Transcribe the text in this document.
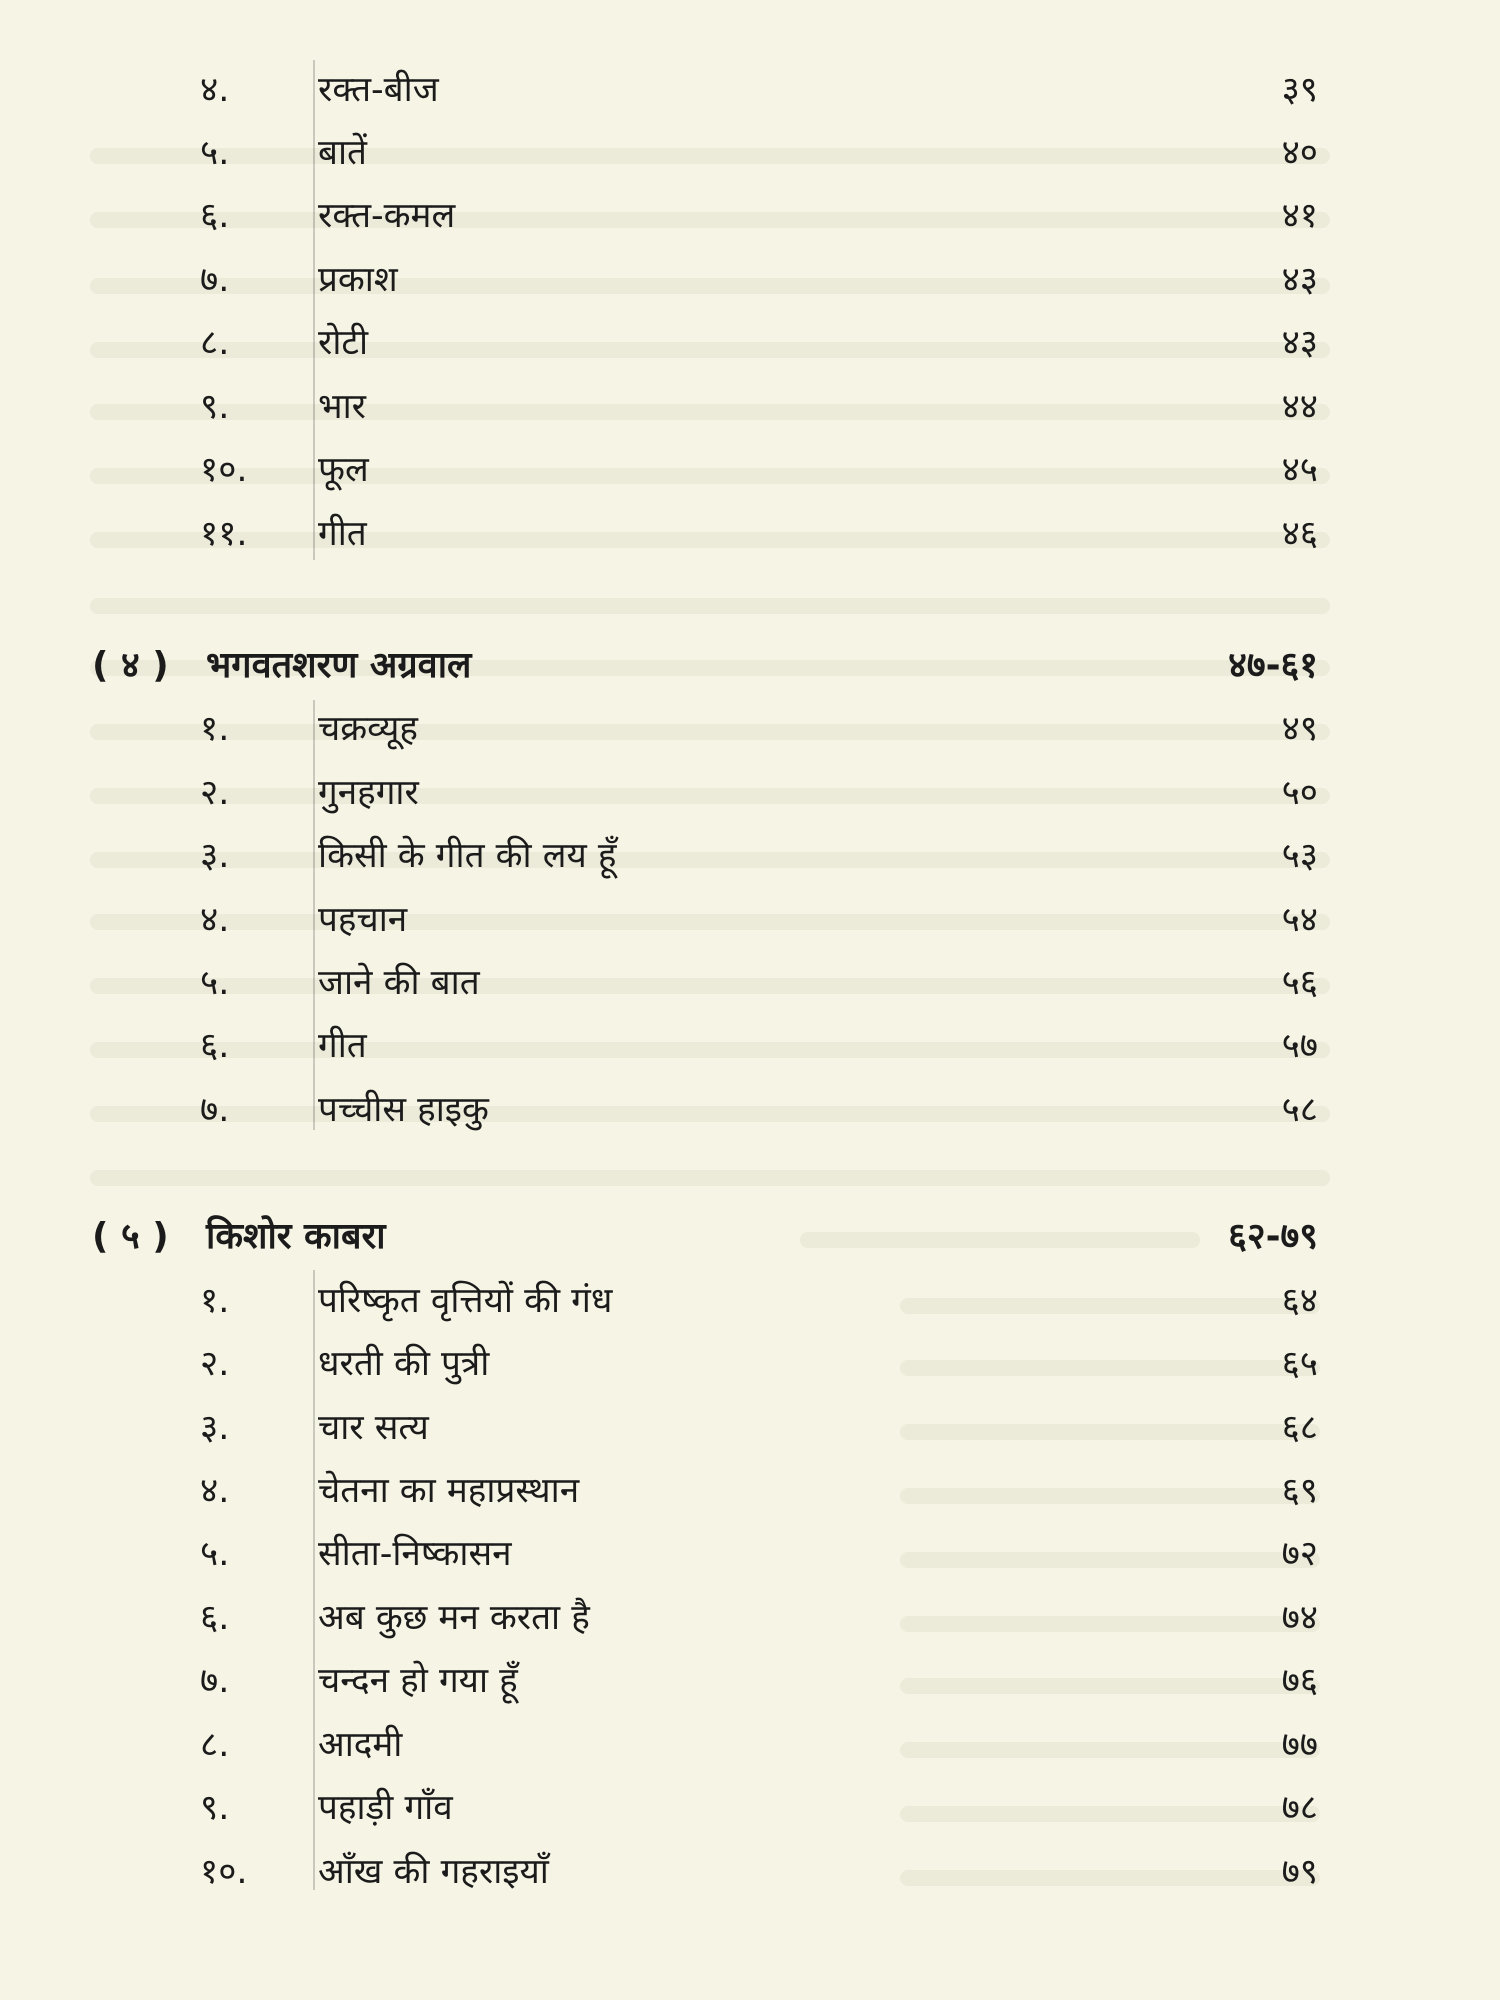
४.	रक्त-बीज	३९
५.	बातें	४०
६.	रक्त-कमल	४१
७.	प्रकाश	४३
८.	रोटी	४३
९.	भार	४४
१०.	फूल	४५
११.	गीत	४६
( ४ )	भगवतशरण अग्रवाल	४७-६१
१.	चक्रव्यूह	४९
२.	गुनहगार	५०
३.	किसी के गीत की लय हूँ	५३
४.	पहचान	५४
५.	जाने की बात	५६
६.	गीत	५७
७.	पच्चीस हाइकु	५८
( ५ )	किशोर काबरा	६२-७९
१.	परिष्कृत वृत्तियों की गंध	६४
२.	धरती की पुत्री	६५
३.	चार सत्य	६८
४.	चेतना का महाप्रस्थान	६९
५.	सीता-निष्कासन	७२
६.	अब कुछ मन करता है	७४
७.	चन्दन हो गया हूँ	७६
८.	आदमी	७७
९.	पहाड़ी गाँव	७८
१०.	आँख की गहराइयाँ	७९
